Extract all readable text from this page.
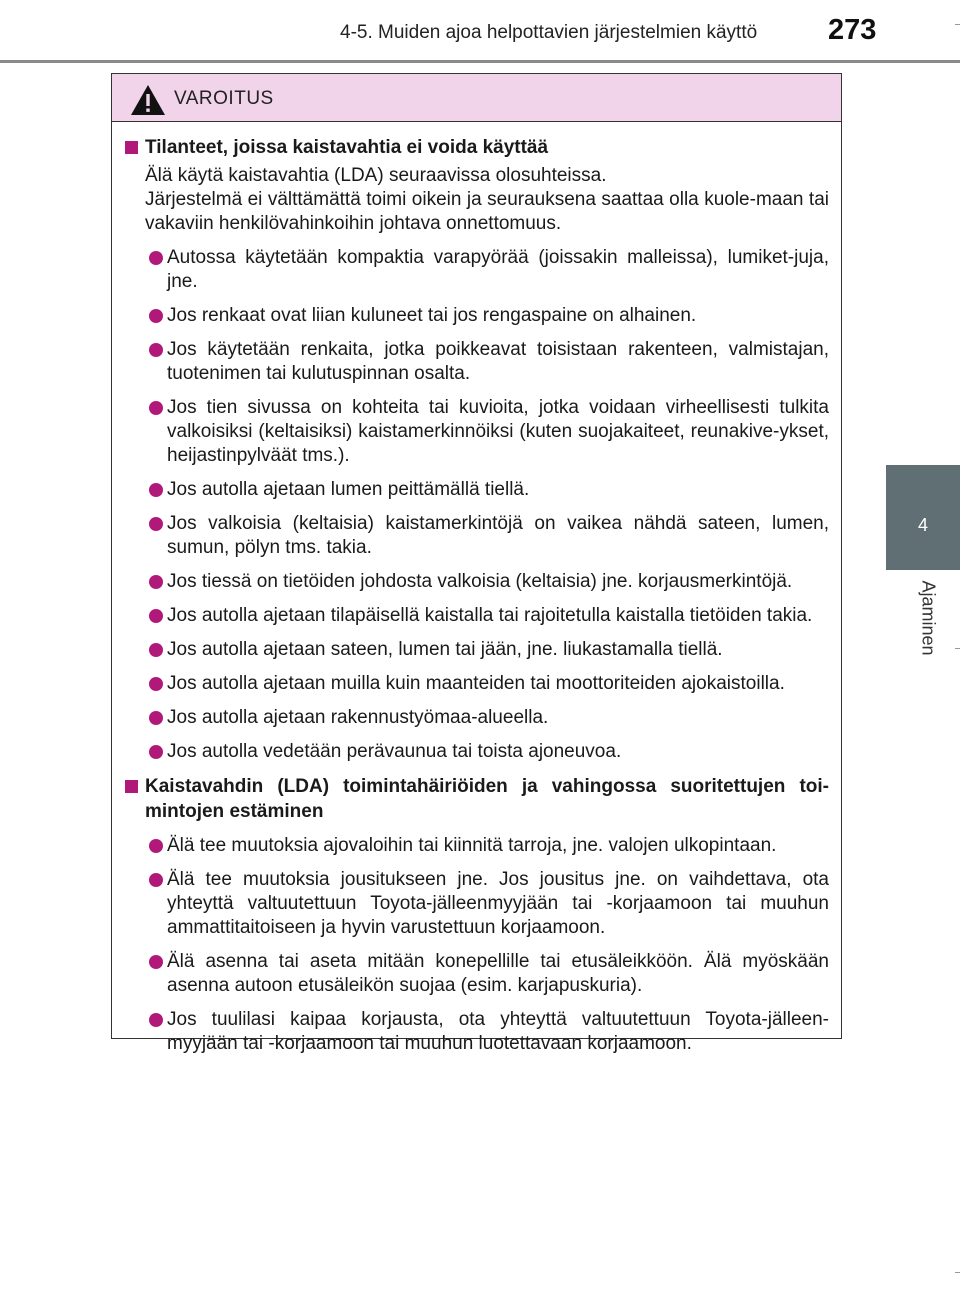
4-5. Muiden ajoa helpottavien järjestelmien käyttö 273
4
Ajaminen
VAROITUS
Tilanteet, joissa kaistavahtia ei voida käyttää
Älä käytä kaistavahtia (LDA) seuraavissa olosuhteissa.
Järjestelmä ei välttämättä toimi oikein ja seurauksena saattaa olla kuole-maan tai vakaviin henkilövahinkoihin johtava onnettomuus.
Autossa käytetään kompaktia varapyörää (joissakin malleissa), lumiket-juja, jne.
Jos renkaat ovat liian kuluneet tai jos rengaspaine on alhainen.
Jos käytetään renkaita, jotka poikkeavat toisistaan rakenteen, valmistajan, tuotenimen tai kulutuspinnan osalta.
Jos tien sivussa on kohteita tai kuvioita, jotka voidaan virheellisesti tulkita valkoisiksi (keltaisiksi) kaistamerkinnöiksi (kuten suojakaiteet, reunakive-ykset, heijastinpylväät tms.).
Jos autolla ajetaan lumen peittämällä tiellä.
Jos valkoisia (keltaisia) kaistamerkintöjä on vaikea nähdä sateen, lumen, sumun, pölyn tms. takia.
Jos tiessä on tietöiden johdosta valkoisia (keltaisia) jne. korjausmerkintöjä.
Jos autolla ajetaan tilapäisellä kaistalla tai rajoitetulla kaistalla tietöiden takia.
Jos autolla ajetaan sateen, lumen tai jään, jne. liukastamalla tiellä.
Jos autolla ajetaan muilla kuin maanteiden tai moottoriteiden ajokaistoilla.
Jos autolla ajetaan rakennustyömaa-alueella.
Jos autolla vedetään perävaunua tai toista ajoneuvoa.
Kaistavahdin (LDA) toimintahäiriöiden ja vahingossa suoritettujen toi-mintojen estäminen
Älä tee muutoksia ajovaloihin tai kiinnitä tarroja, jne. valojen ulkopintaan.
Älä tee muutoksia jousitukseen jne. Jos jousitus jne. on vaihdettava, ota yhteyttä valtuutettuun Toyota-jälleenmyyjään tai -korjaamoon tai muuhun ammattitaitoiseen ja hyvin varustettuun korjaamoon.
Älä asenna tai aseta mitään konepellille tai etusäleikköön. Älä myöskään asenna autoon etusäleikön suojaa (esim. karjapuskuria).
Jos tuulilasi kaipaa korjausta, ota yhteyttä valtuutettuun Toyota-jälleen-myyjään tai -korjaamoon tai muuhun luotettavaan korjaamoon.
